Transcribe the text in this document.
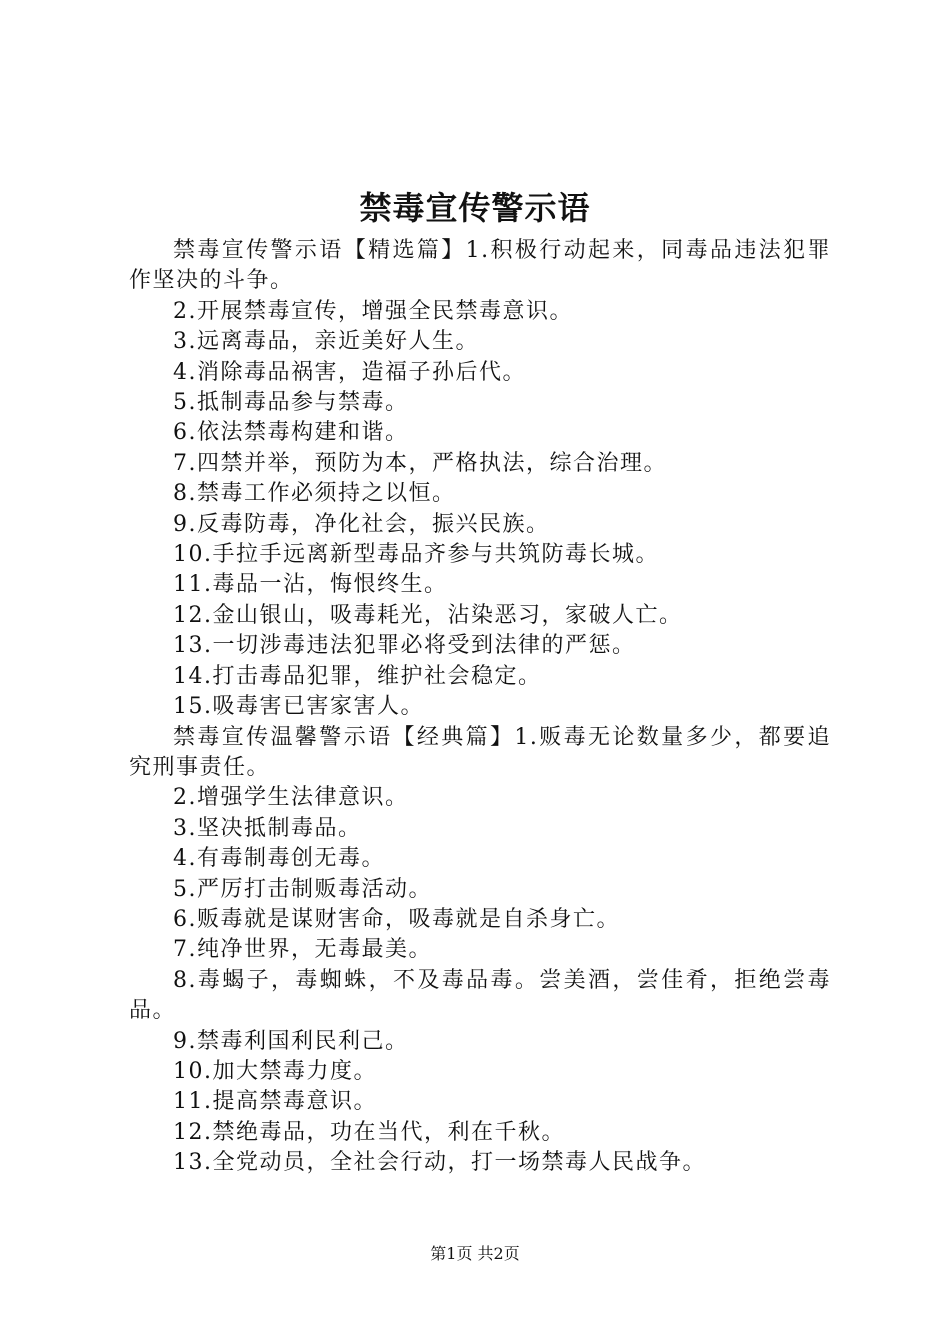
禁毒宣传警示语

禁毒宣传警示语【精选篇】1.积极行动起来，同毒品违法犯罪作坚决的斗争。

2.开展禁毒宣传，增强全民禁毒意识。

3.远离毒品，亲近美好人生。

4.消除毒品祸害，造福子孙后代。

5.抵制毒品参与禁毒。

6.依法禁毒构建和谐。

7.四禁并举，预防为本，严格执法，综合治理。

8.禁毒工作必须持之以恒。

9.反毒防毒，净化社会，振兴民族。

10.手拉手远离新型毒品齐参与共筑防毒长城。

11.毒品一沾，悔恨终生。

12.金山银山，吸毒耗光，沾染恶习，家破人亡。

13.一切涉毒违法犯罪必将受到法律的严惩。

14.打击毒品犯罪，维护社会稳定。

15.吸毒害已害家害人。

禁毒宣传温馨警示语【经典篇】1.贩毒无论数量多少，都要追究刑事责任。

2.增强学生法律意识。

3.坚决抵制毒品。

4.有毒制毒创无毒。

5.严厉打击制贩毒活动。

6.贩毒就是谋财害命，吸毒就是自杀身亡。

7.纯净世界，无毒最美。

8.毒蝎子，毒蜘蛛，不及毒品毒。尝美酒，尝佳肴，拒绝尝毒品。

9.禁毒利国利民利己。

10.加大禁毒力度。

11.提高禁毒意识。

12.禁绝毒品，功在当代，利在千秋。

13.全党动员，全社会行动，打一场禁毒人民战争。

第1页 共2页
